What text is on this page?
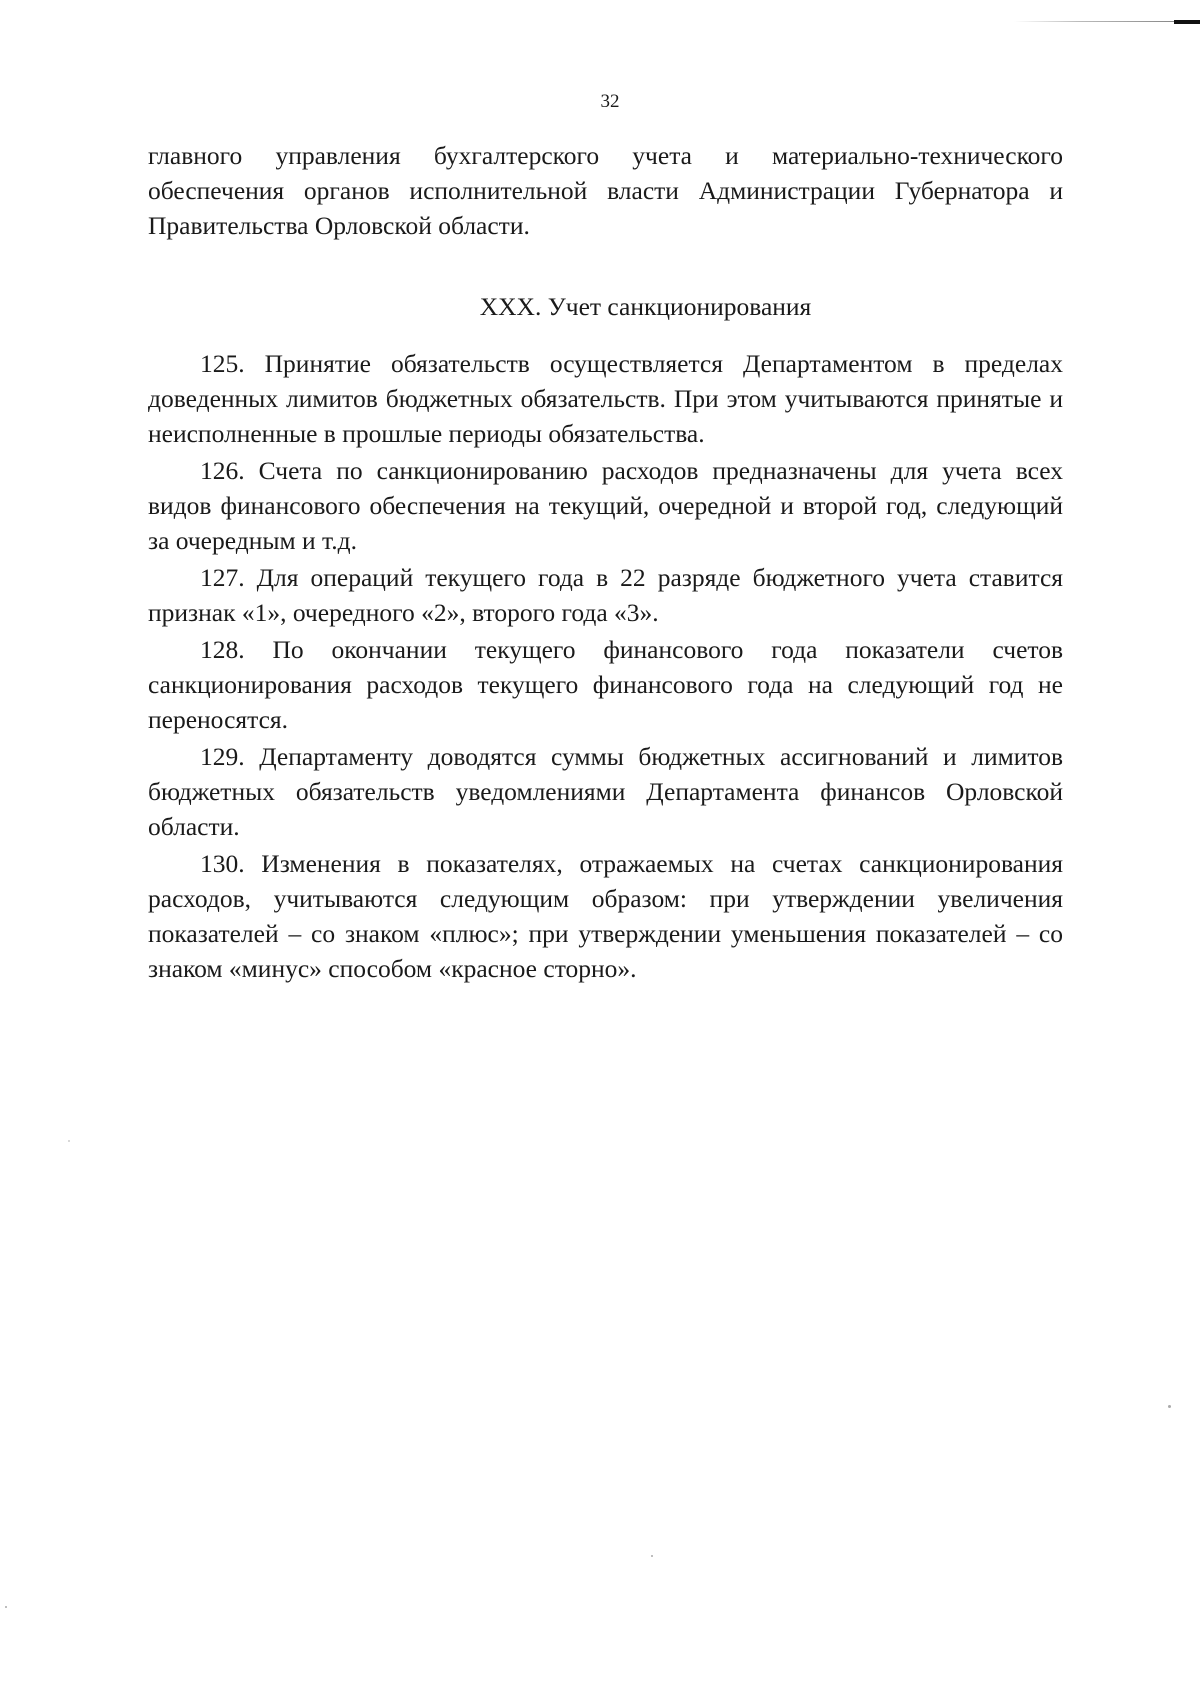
32

главного управления бухгалтерского учета и материально-технического обеспечения органов исполнительной власти Администрации Губернатора и Правительства Орловской области.

XXX. Учет санкционирования

125. Принятие обязательств осуществляется Департаментом в пределах доведенных лимитов бюджетных обязательств. При этом учитываются принятые и неисполненные в прошлые периоды обязательства.

126. Счета по санкционированию расходов предназначены для учета всех видов финансового обеспечения на текущий, очередной и второй год, следующий за очередным и т.д.

127. Для операций текущего года в 22 разряде бюджетного учета ставится признак «1», очередного «2», второго года «3».

128. По окончании текущего финансового года показатели счетов санкционирования расходов текущего финансового года на следующий год не переносятся.

129. Департаменту доводятся суммы бюджетных ассигнований и лимитов бюджетных обязательств уведомлениями Департамента финансов Орловской области.

130. Изменения в показателях, отражаемых на счетах санкционирования расходов, учитываются следующим образом: при утверждении увеличения показателей – со знаком «плюс»; при утверждении уменьшения показателей – со знаком «минус» способом «красное сторно».
